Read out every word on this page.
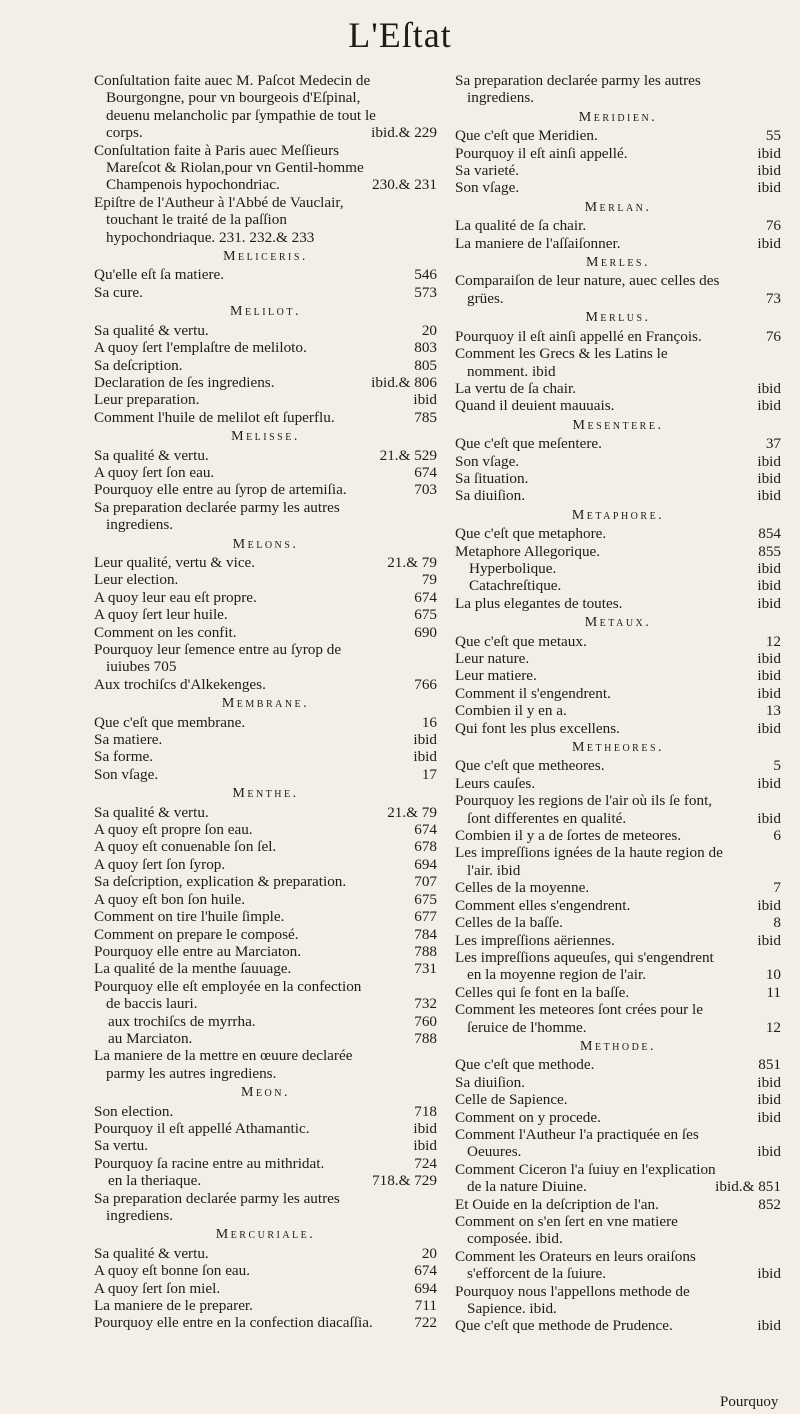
L'Eſtat
Conſultation faite auec M. Paſcot Medecin de Bourgongne, pour vn bourgeois d'Eſpinal, deuenu melancholic par ſympathie de tout le corps.	ibid.& 229
Conſultation faite à Paris auec Meſſieurs Mareſcot & Riolan,pour vn Gentil-homme Champenois hypochondriac.	230.& 231
Epiſtre de l'Autheur à l'Abbé de Vauclair, touchant le traité de la paſſion hypochondriaque. 231. 232.& 233
Meliceris.
Qu'elle eſt ſa matiere.	546
Sa cure.	573
Melilot.
Sa qualité & vertu.	20
A quoy ſert l'emplaſtre de meliloto.	803
Sa deſcription.	805
Declaration de ſes ingrediens.	ibid.& 806
Leur preparation.	ibid
Comment l'huile de melilot eſt ſuperflu.	785
Melisse.
Sa qualité & vertu.	21.& 529
A quoy ſert ſon eau.	674
Pourquoy elle entre au ſyrop de artemiſia.	703
Sa preparation declarée parmy les autres ingrediens.
Melons.
Leur qualité, vertu & vice.	21.& 79
Leur election.	79
A quoy leur eau eſt propre.	674
A quoy ſert leur huile.	675
Comment on les confit.	690
Pourquoy leur ſemence entre au ſyrop de iuiubes 705
Aux trochiſcs d'Alkekenges.	766
Membrane.
Que c'eſt que membrane.	16
Sa matiere.	ibid
Sa forme.	ibid
Son vſage.	17
Menthe.
Sa qualité & vertu.	21.& 79
A quoy eſt propre ſon eau.	674
A quoy eſt conuenable ſon ſel.	678
A quoy ſert ſon ſyrop.	694
Sa deſcription, explication & preparation.	707
A quoy eſt bon ſon huile.	675
Comment on tire l'huile ſimple.	677
Comment on prepare le composé.	784
Pourquoy elle entre au Marciaton.	788
La qualité de la menthe ſauuage.	731
Pourquoy elle eſt employée en la confection de baccis lauri.	732
aux trochiſcs de myrrha.	760
au Marciaton.	788
La maniere de la mettre en œuure declarée parmy les autres ingrediens.
Meon.
Son election.	718
Pourquoy il eſt appellé Athamantic.	ibid
Sa vertu.	ibid
Pourquoy ſa racine entre au mithridat.	724
en la theriaque.	718.& 729
Sa preparation declarée parmy les autres ingrediens.
Mercuriale.
Sa qualité & vertu.	20
A quoy eſt bonne ſon eau.	674
A quoy ſert ſon miel.	694
La maniere de le preparer.	711
Pourquoy elle entre en la confection diacaſſia.	722
Sa preparation declarée parmy les autres ingrediens.
Meridien.
Que c'eſt que Meridien.	55
Pourquoy il eſt ainſi appellé.	ibid
Sa varieté.	ibid
Son vſage.	ibid
Merlan.
La qualité de ſa chair.	76
La maniere de l'aſſaiſonner.	ibid
Merles.
Comparaiſon de leur nature, auec celles des grües.	73
Merlus.
Pourquoy il eſt ainſi appellé en François.	76
Comment les Grecs & les Latins le nomment. ibid
La vertu de ſa chair.	ibid
Quand il deuient mauuais.	ibid
Mesentere.
Que c'eſt que meſentere.	37
Son vſage.	ibid
Sa ſituation.	ibid
Sa diuiſion.	ibid
Metaphore.
Que c'eſt que metaphore.	854
Metaphore Allegorique.	855
Hyperbolique.	ibid
Catachreſtique.	ibid
La plus elegantes de toutes.	ibid
Metaux.
Que c'eſt que metaux.	12
Leur nature.	ibid
Leur matiere.	ibid
Comment il s'engendrent.	ibid
Combien il y en a.	13
Qui font les plus excellens.	ibid
Metheores.
Que c'eſt que metheores.	5
Leurs cauſes.	ibid
Pourquoy les regions de l'air où ils ſe font, ſont differentes en qualité.	ibid
Combien il y a de ſortes de meteores.	6
Les impreſſions ignées de la haute region de l'air. ibid
Celles de la moyenne.	7
Comment elles s'engendrent.	ibid
Celles de la baſſe.	8
Les impreſſions aëriennes.	ibid
Les impreſſions aqueuſes, qui s'engendrent en la moyenne region de l'air.	10
Celles qui ſe font en la baſſe.	11
Comment les meteores ſont crées pour le ſeruice de l'homme.	12
Methode.
Que c'eſt que methode.	851
Sa diuiſion.	ibid
Celle de Sapience.	ibid
Comment on y procede.	ibid
Comment l'Autheur l'a practiquée en ſes Oeuures.	ibid
Comment Ciceron l'a ſuiuy en l'explication de la nature Diuine.	ibid.& 851
Et Ouide en la deſcription de l'an.	852
Comment on s'en ſert en vne matiere composée. ibid.
Comment les Orateurs en leurs oraiſons s'efforcent de la ſuiure.	ibid
Pourquoy nous l'appellons methode de Sapience. ibid.
Que c'eſt que methode de Prudence.	ibid
Pourquoy
